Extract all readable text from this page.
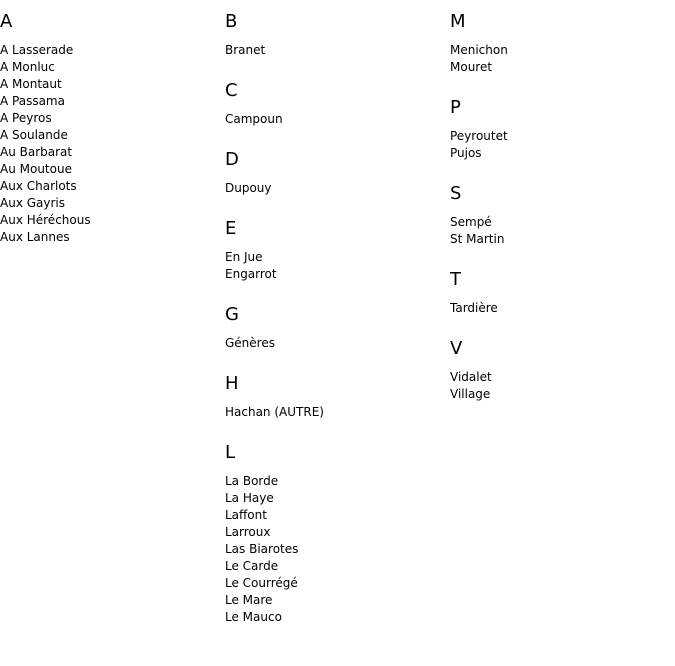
A
A Lasserade
A Monluc
A Montaut
A Passama
A Peyros
A Soulande
Au Barbarat
Au Moutoue
Aux Charlots
Aux Gayris
Aux Héréchous
Aux Lannes
B
Branet
C
Campoun
D
Dupouy
E
En Jue
Engarrot
G
Génères
H
Hachan (AUTRE)
L
La Borde
La Haye
Laffont
Larroux
Las Biarotes
Le Carde
Le Courrégé
Le Mare
Le Mauco
M
Menichon
Mouret
P
Peyroutet
Pujos
S
Sempé
St Martin
T
Tardière
V
Vidalet
Village
